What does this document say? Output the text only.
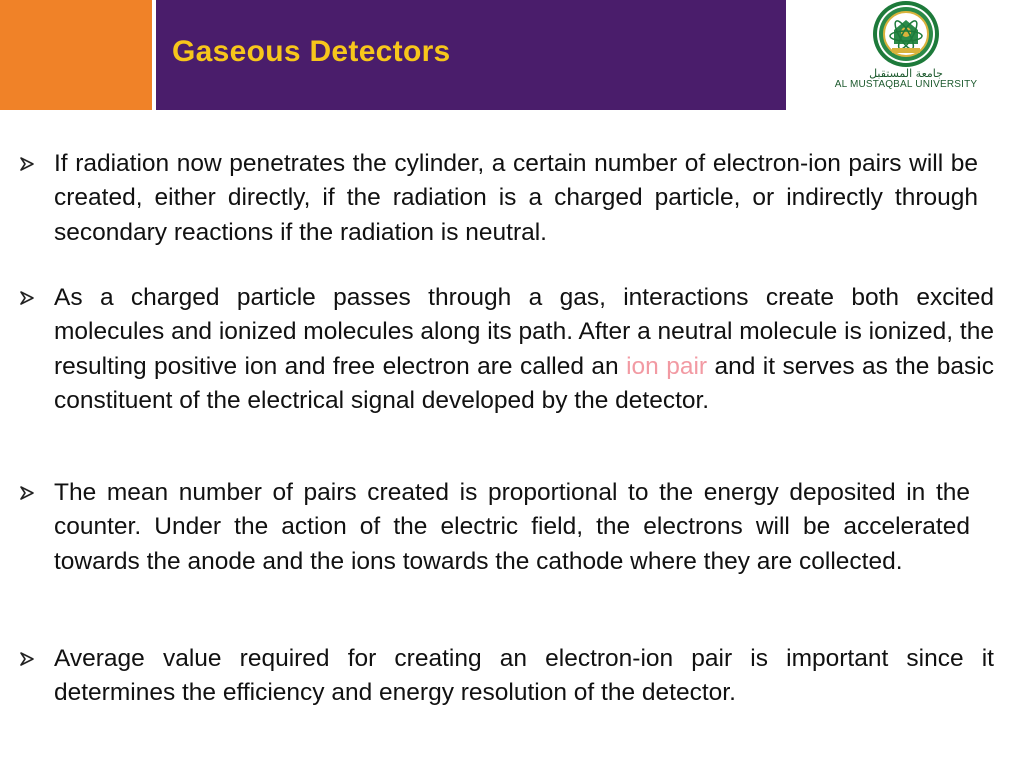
Gaseous Detectors
جامعة المستقبل
AL MUSTAQBAL UNIVERSITY
If radiation now penetrates the cylinder, a certain number of electron-ion pairs will be created, either directly, if the radiation is a charged particle, or indirectly through secondary reactions if the radiation is neutral.
As a charged particle passes through a gas, interactions create both excited molecules and ionized molecules along its path. After a neutral molecule is ionized, the resulting positive ion and free electron are called an ion pair and it serves as the basic constituent of the electrical signal developed by the detector.
The mean number of pairs created is proportional to the energy deposited in the counter. Under the action of the electric field, the electrons will be accelerated towards the anode and the ions towards the cathode where they are collected.
Average value required for creating an electron-ion pair is important since it determines the efficiency and energy resolution of the detector.
